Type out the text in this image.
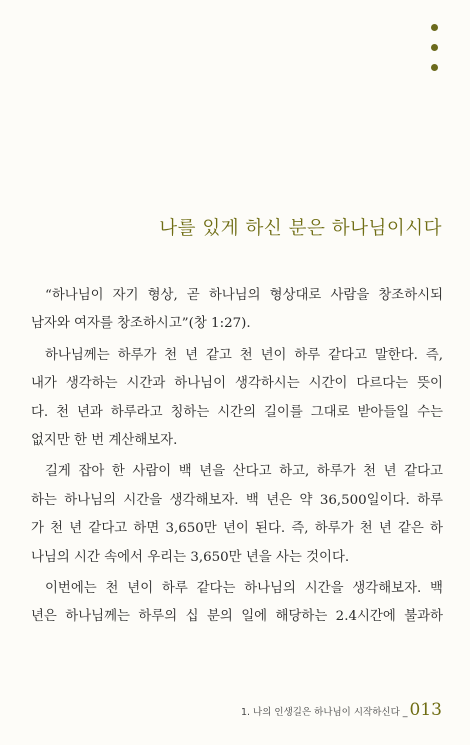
나를 있게 하신 분은 하나님이시다
“하나님이 자기 형상, 곧 하나님의 형상대로 사람을 창조하시되
남자와 여자를 창조하시고”(창 1:27).
하나님께는 하루가 천 년 같고 천 년이 하루 같다고 말한다. 즉,
내가 생각하는 시간과 하나님이 생각하시는 시간이 다르다는 뜻이
다. 천 년과 하루라고 칭하는 시간의 길이를 그대로 받아들일 수는
없지만 한 번 계산해보자.
길게 잡아 한 사람이 백 년을 산다고 하고, 하루가 천 년 같다고
하는 하나님의 시간을 생각해보자. 백 년은 약 36,500일이다. 하루
가 천 년 같다고 하면 3,650만 년이 된다. 즉, 하루가 천 년 같은 하
나님의 시간 속에서 우리는 3,650만 년을 사는 것이다.
이번에는 천 년이 하루 같다는 하나님의 시간을 생각해보자. 백
년은 하나님께는 하루의 십 분의 일에 해당하는 2.4시간에 불과하
1. 나의 인생길은 하나님이 시작하신다 _ 013
